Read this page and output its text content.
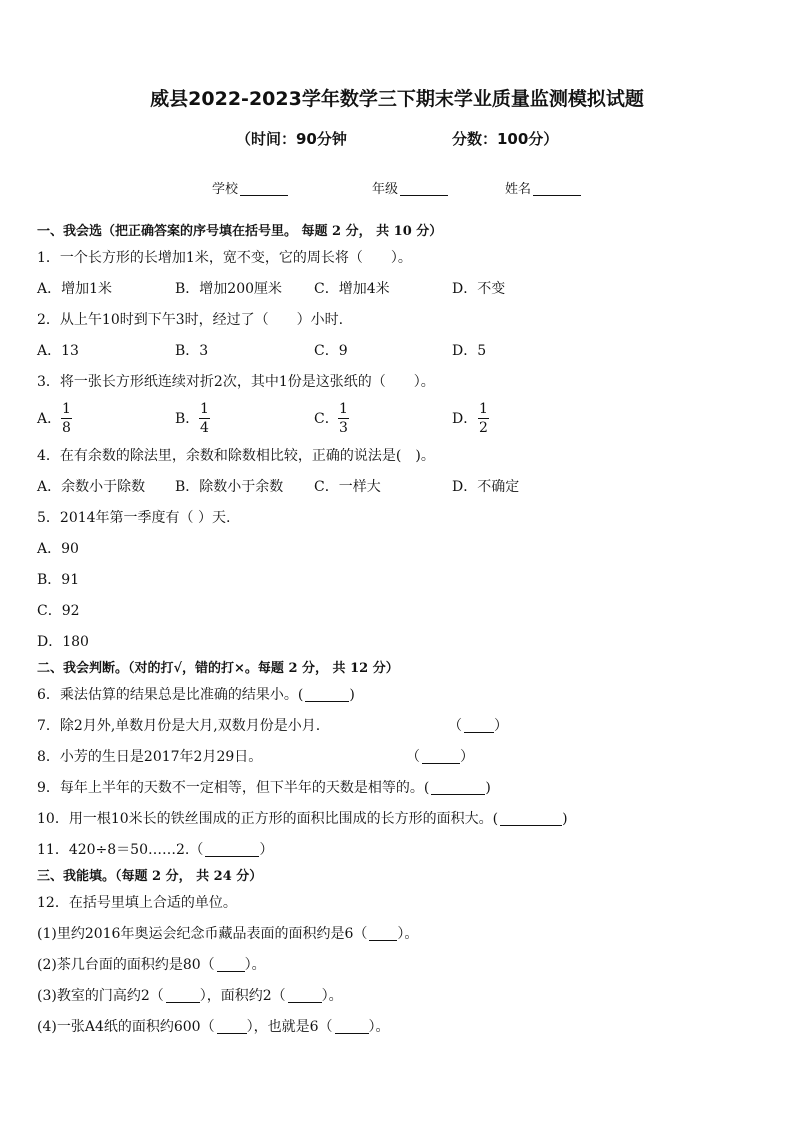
威县2022-2023学年数学三下期末学业质量监测模拟试题
（时间：90分钟	分数：100分）
学校	年级	姓名
一、我会选（把正确答案的序号填在括号里。 每题 2 分， 共 10 分）
1．一个长方形的长增加1米，宽不变，它的周长将（　　）。
A．增加1米	B．增加200厘米 C．增加4米	D．不变
2．从上午10时到下午3时，经过了（　　）小时.
A．13	B．3	C．9	D．5
3．将一张长方形纸连续对折2次，其中1份是这张纸的（　　）。
A． $\frac{1}{8}$	B． $\frac{1}{4}$	C． $\frac{1}{3}$	D． $\frac{1}{2}$
4．在有余数的除法里，余数和除数相比较，正确的说法是(　)。
A．余数小于除数 B．除数小于余数 C．一样大	D．不确定
5．2014年第一季度有（ ）天.
A．90
B．91
C．92
D．180
二、我会判断。（对的打√，错的打×。每题 2 分， 共 12 分）
6．乘法估算的结果总是比准确的结果小。(	)
7．除2月外,单数月份是大月,双数月份是小月.	（ ）
8．小芳的生日是2017年2月29日。	（	）
9．每年上半年的天数不一定相等，但下半年的天数是相等的。(	)
10．用一根10米长的铁丝围成的正方形的面积比围成的长方形的面积大。(	)
11．420÷8＝50……2.（	）
三、我能填。（每题 2 分， 共 24 分）
12．在括号里填上合适的单位。
(1)里约2016年奥运会纪念币藏品表面的面积约是6（ ）。
(2)茶几台面的面积约是80（ ）。
(3)教室的门高约2（	），面积约2（	）。
(4)一张A4纸的面积约600（ ），也就是6（	）。
